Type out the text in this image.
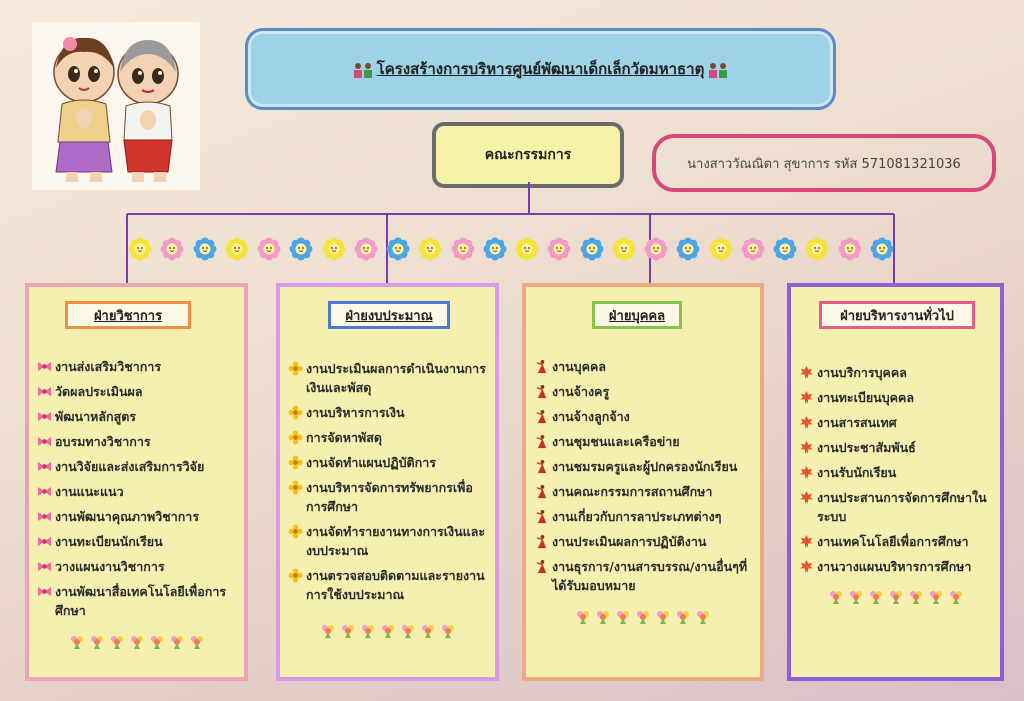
โครงสร้างการบริหารศูนย์พัฒนาเด็กเล็กวัดมหาธาตุ
คณะกรรมการ
นางสาววัณณิตา สุขาการ รหัส 571081321036
ฝ่ายวิชาการ
งานส่งเสริมวิชาการ
วัดผลประเมินผล
พัฒนาหลักสูตร
อบรมทางวิชาการ
งานวิจัยและส่งเสริมการวิจัย
งานแนะแนว
งานพัฒนาคุณภาพวิชาการ
งานทะเบียนนักเรียน
วางแผนงานวิชาการ
งานพัฒนาสื่อเทคโนโลยีเพื่อการศึกษา
ฝ่ายงบประมาณ
งานประเมินผลการดำเนินงานการเงินและพัสดุ
งานบริหารการเงิน
การจัดหาพัสดุ
งานจัดทำแผนปฏิบัติการ
งานบริหารจัดการทรัพยากรเพื่อการศึกษา
งานจัดทำรายงานทางการเงินและงบประมาณ
งานตรวจสอบติดตามและรายงานการใช้งบประมาณ
ฝ่ายบุคคล
งานบุคคล
งานจ้างครู
งานจ้างลูกจ้าง
งานชุมชนและเครือข่าย
งานชมรมครูและผู้ปกครองนักเรียน
งานคณะกรรมการสถานศึกษา
งานเกี่ยวกับการลาประเภทต่างๆ
งานประเมินผลการปฏิบัติงาน
งานธุรการ/งานสารบรรณ/งานอื่นๆที่ได้รับมอบหมาย
ฝ่ายบริหารงานทั่วไป
งานบริการบุคคล
งานทะเบียนบุคคล
งานสารสนเทศ
งานประชาสัมพันธ์
งานรับนักเรียน
งานประสานการจัดการศึกษาในระบบ
งานเทคโนโลยีเพื่อการศึกษา
งานวางแผนบริหารการศึกษา
